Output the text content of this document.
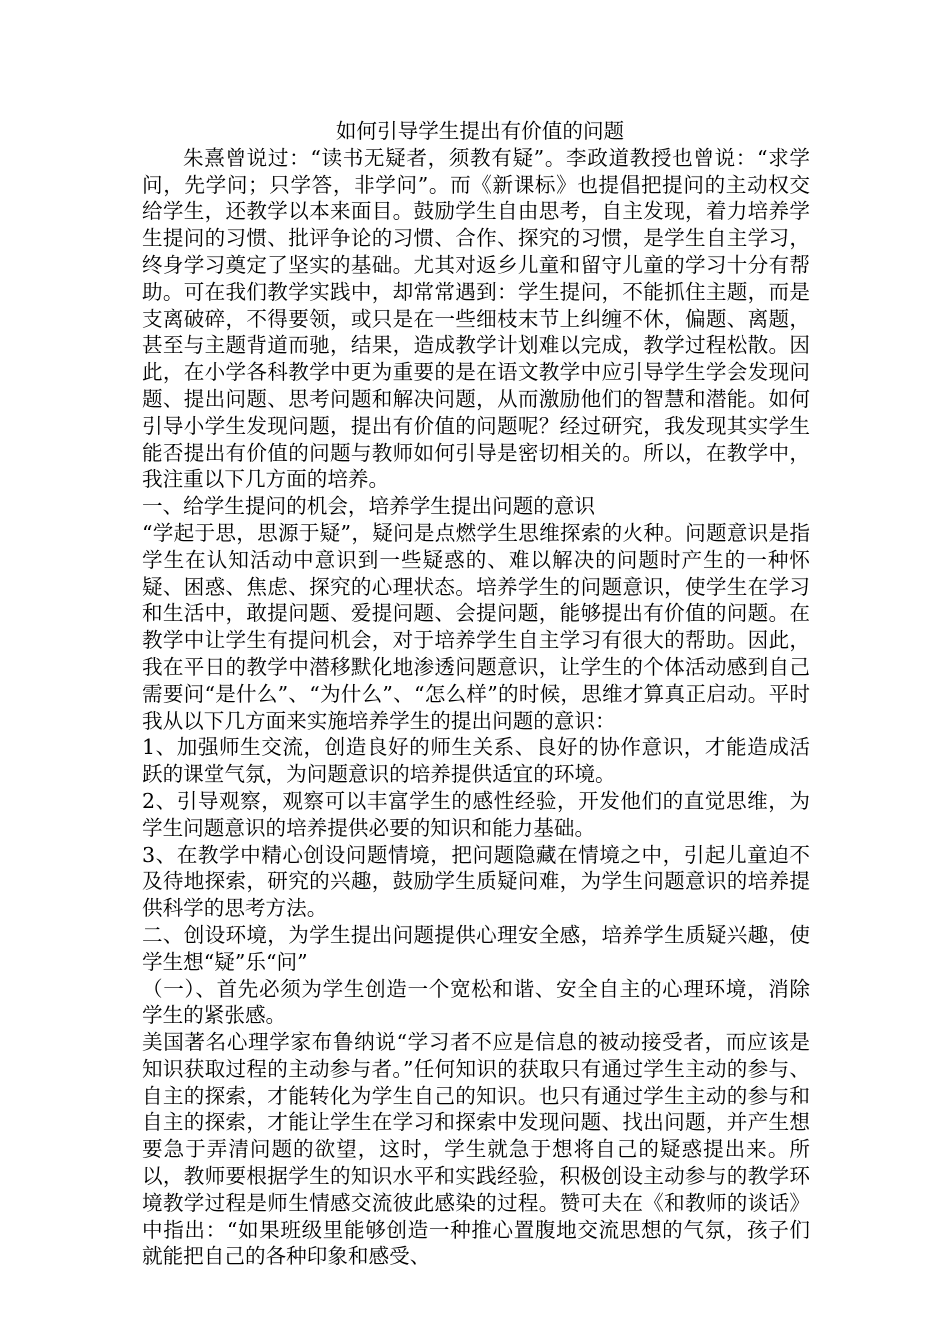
如何引导学生提出有价值的问题

朱熹曾说过：“读书无疑者，须教有疑”。李政道教授也曾说：“求学问，先学问；只学答，非学问”。而《新课标》也提倡把提问的主动权交给学生，还教学以本来面目。鼓励学生自由思考，自主发现，着力培养学生提问的习惯、批评争论的习惯、合作、探究的习惯，是学生自主学习，终身学习奠定了坚实的基础。尤其对返乡儿童和留守儿童的学习十分有帮助。可在我们教学实践中，却常常遇到：学生提问，不能抓住主题，而是支离破碎，不得要领，或只是在一些细枝末节上纠缠不休，偏题、离题，甚至与主题背道而驰，结果，造成教学计划难以完成，教学过程松散。因此，在小学各科教学中更为重要的是在语文教学中应引导学生学会发现问题、提出问题、思考问题和解决问题，从而激励他们的智慧和潜能。如何引导小学生发现问题，提出有价值的问题呢？经过研究，我发现其实学生能否提出有价值的问题与教师如何引导是密切相关的。所以，在教学中，我注重以下几方面的培养。

一、给学生提问的机会，培养学生提出问题的意识

“学起于思，思源于疑”，疑问是点燃学生思维探索的火种。问题意识是指学生在认知活动中意识到一些疑惑的、难以解决的问题时产生的一种怀疑、困惑、焦虑、探究的心理状态。培养学生的问题意识，使学生在学习和生活中，敢提问题、爱提问题、会提问题，能够提出有价值的问题。在教学中让学生有提问机会，对于培养学生自主学习有很大的帮助。因此，我在平日的教学中潜移默化地渗透问题意识，让学生的个体活动感到自己需要问“是什么”、“为什么”、“怎么样”的时候，思维才算真正启动。平时我从以下几方面来实施培养学生的提出问题的意识：

1、加强师生交流，创造良好的师生关系、良好的协作意识，才能造成活跃的课堂气氛，为问题意识的培养提供适宜的环境。

2、引导观察，观察可以丰富学生的感性经验，开发他们的直觉思维，为学生问题意识的培养提供必要的知识和能力基础。

3、在教学中精心创设问题情境，把问题隐藏在情境之中，引起儿童迫不及待地探索，研究的兴趣，鼓励学生质疑问难，为学生问题意识的培养提供科学的思考方法。

二、创设环境，为学生提出问题提供心理安全感，培养学生质疑兴趣，使学生想“疑”乐“问”

（一）、首先必须为学生创造一个宽松和谐、安全自主的心理环境，消除学生的紧张感。

美国著名心理学家布鲁纳说“学习者不应是信息的被动接受者，而应该是知识获取过程的主动参与者。”任何知识的获取只有通过学生主动的参与、自主的探索，才能转化为学生自己的知识。也只有通过学生主动的参与和自主的探索，才能让学生在学习和探索中发现问题、找出问题，并产生想要急于弄清问题的欲望，这时，学生就急于想将自己的疑惑提出来。所以，教师要根据学生的知识水平和实践经验，积极创设主动参与的教学环境教学过程是师生情感交流彼此感染的过程。赞可夫在《和教师的谈话》中指出：“如果班级里能够创造一种推心置腹地交流思想的气氛，孩子们就能把自己的各种印象和感受、
